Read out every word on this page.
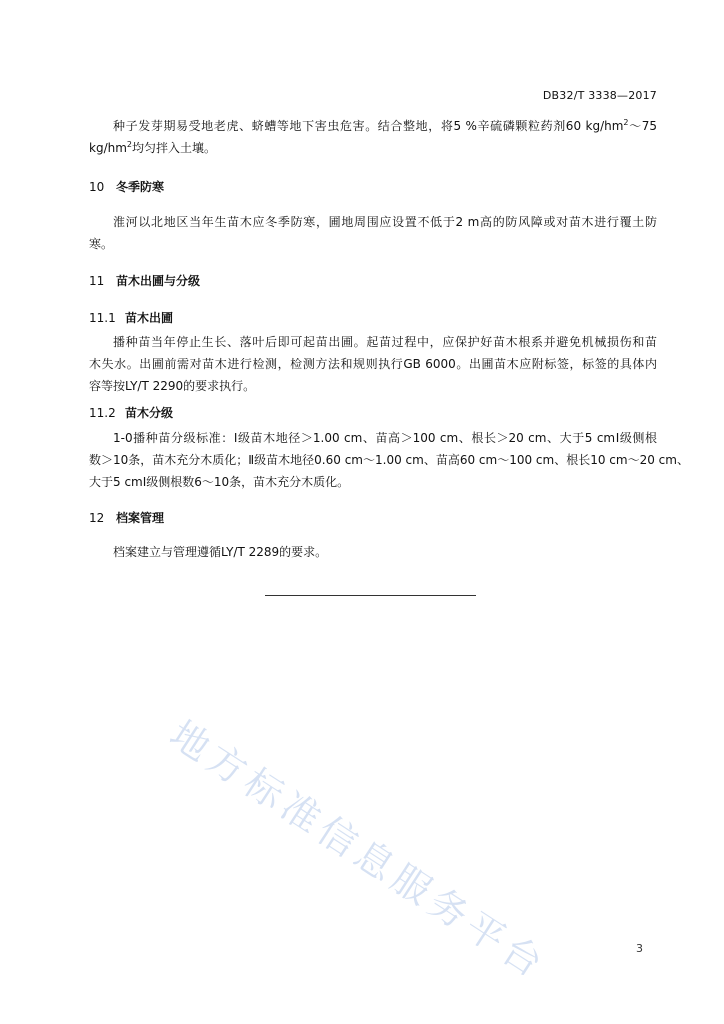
DB32/T 3338—2017
种子发芽期易受地老虎、蛴螬等地下害虫危害。结合整地，将5 %辛硫磷颗粒药剂60 $kg/hm^2\sim 75$
$kg/hm^2$均匀拌入土壤。
10 冬季防寒
淮河以北地区当年生苗木应冬季防寒，圃地周围应设置不低于2 m高的防风障或对苗木进行覆土防
寒。
11 苗木出圃与分级
11.1 苗木出圃
播种苗当年停止生长、落叶后即可起苗出圃。起苗过程中，应保护好苗木根系并避免机械损伤和苗
木失水。出圃前需对苗木进行检测，检测方法和规则执行GB 6000。出圃苗木应附标签，标签的具体内
容等按LY/T 2290的要求执行。
11.2 苗木分级
1-0播种苗分级标准：Ⅰ级苗木地径＞1.00 cm、苗高＞100 cm、根长＞20 cm、大于5 cmⅠ级侧根
数＞10条，苗木充分木质化；Ⅱ级苗木地径0.60 cm～1.00 cm、苗高60 cm～100 cm、根长10 cm～20 cm、
大于5 cmⅠ级侧根数6～10条，苗木充分木质化。
12 档案管理
档案建立与管理遵循LY/T 2289的要求。
地方标准信息服务平台	3
